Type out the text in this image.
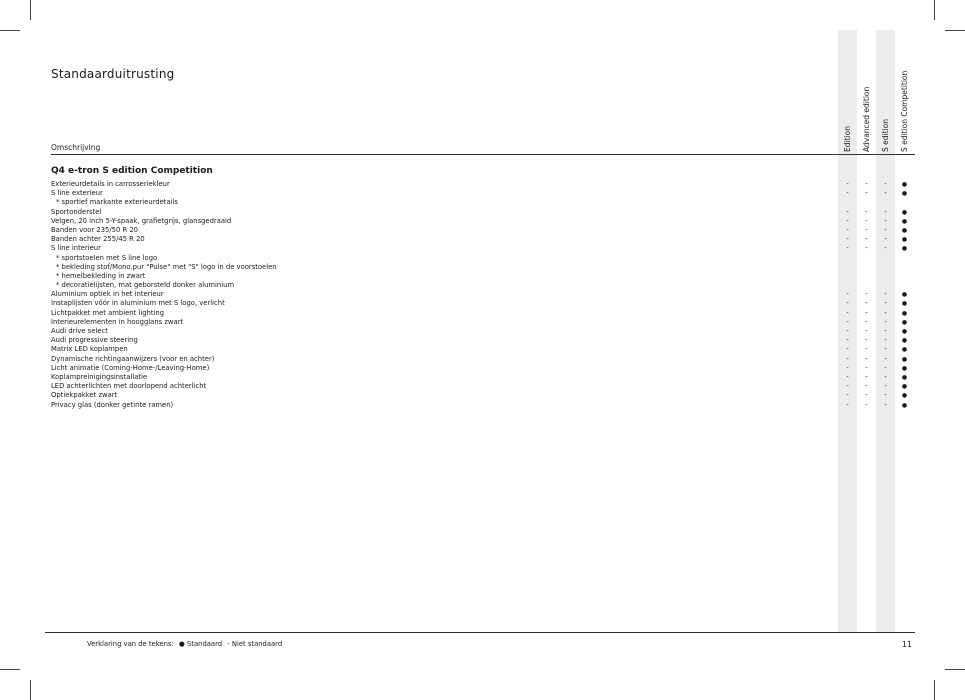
Standaarduitrusting
Omschrijving	Edition	Advanced edition	S edition	S edition Competition
Q4 e-tron S edition Competition
Exterieurdetails in carrosseriekleur	-	-	-	●
S line exterieur	-	-	-	●
* sportief markante exterieurdetails
Sportonderstel	-	-	-	●
Velgen, 20 inch 5-Y-spaak, grafietgrijs, glansgedraaid	-	-	-	●
Banden voor 235/50 R 20	-	-	-	●
Banden achter 255/45 R 20	-	-	-	●
S line interieur	-	-	-	●
* sportstoelen met S line logo
* bekleding stof/Mono.pur "Pulse" met "S" logo in de voorstoelen
* hemelbekleding in zwart
* decoratielijsten, mat geborsteld donker aluminium
Aluminium optiek in het interieur	-	-	-	●
Instaplijsten vóór in aluminium met S logo, verlicht	-	-	-	●
Lichtpakket met ambient lighting	-	-	-	●
Interieurelementen in hoogglans zwart	-	-	-	●
Audi drive select	-	-	-	●
Audi progressive steering	-	-	-	●
Matrix LED koplampen	-	-	-	●
Dynamische richtingaanwijzers (voor en achter)	-	-	-	●
Licht animatie (Coming-Home-/Leaving-Home)	-	-	-	●
Koplampreinigingsinstallatie	-	-	-	●
LED achterlichten met doorlopend achterlicht	-	-	-	●
Optiekpakket zwart	-	-	-	●
Privacy glas (donker getinte ramen)	-	-	-	●
Verklaring van de tekens: ● Standaard - Niet standaard	11
